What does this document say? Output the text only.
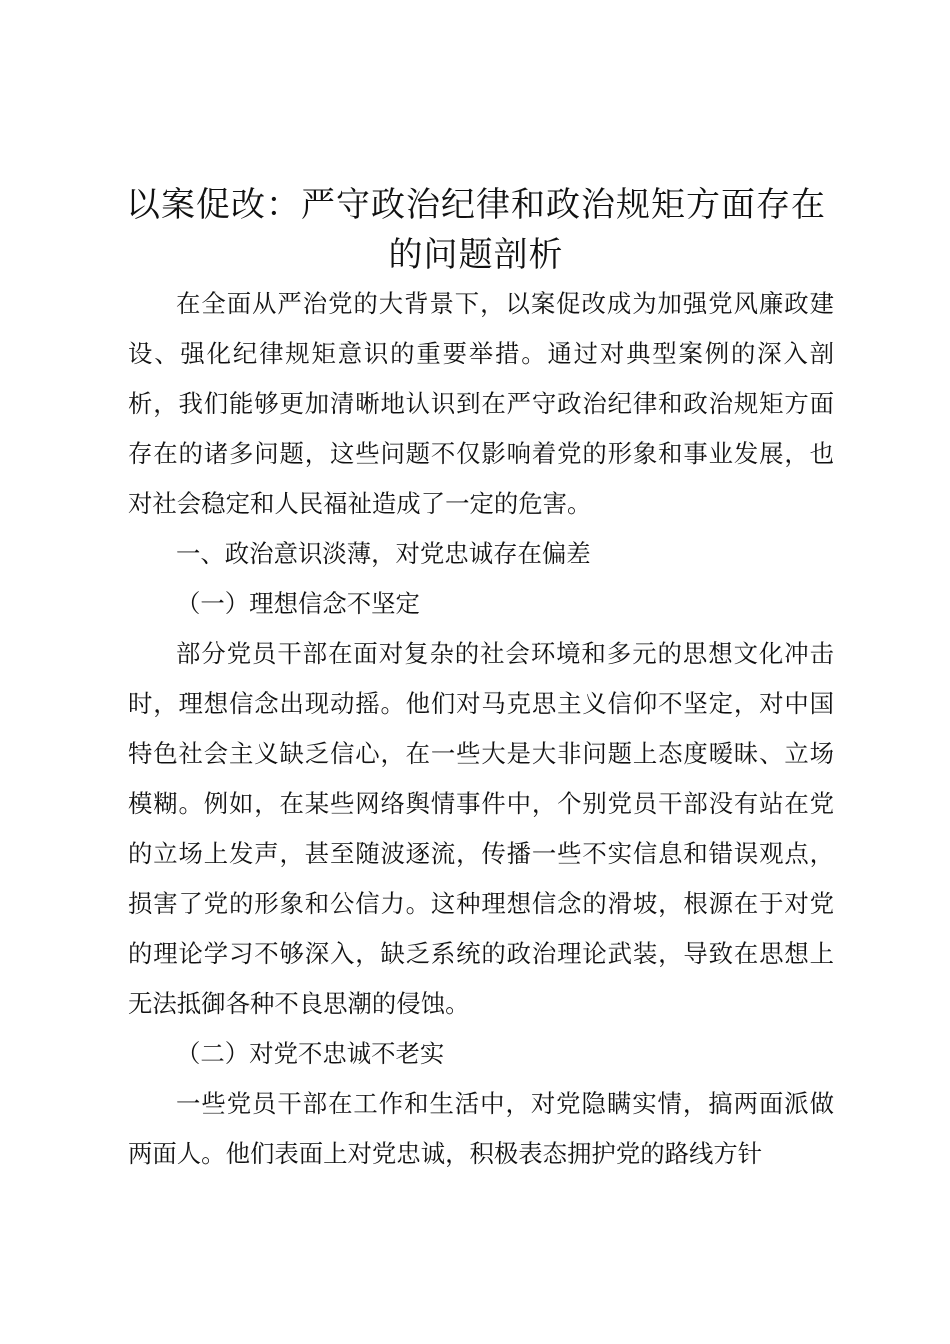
以案促改：严守政治纪律和政治规矩方面存在
的问题剖析

在全面从严治党的大背景下，以案促改成为加强党风廉政建设、强化纪律规矩意识的重要举措。通过对典型案例的深入剖析，我们能够更加清晰地认识到在严守政治纪律和政治规矩方面存在的诸多问题，这些问题不仅影响着党的形象和事业发展，也对社会稳定和人民福祉造成了一定的危害。

一、政治意识淡薄，对党忠诚存在偏差

（一）理想信念不坚定

部分党员干部在面对复杂的社会环境和多元的思想文化冲击时，理想信念出现动摇。他们对马克思主义信仰不坚定，对中国特色社会主义缺乏信心，在一些大是大非问题上态度暧昧、立场模糊。例如，在某些网络舆情事件中，个别党员干部没有站在党的立场上发声，甚至随波逐流，传播一些不实信息和错误观点，损害了党的形象和公信力。这种理想信念的滑坡，根源在于对党的理论学习不够深入，缺乏系统的政治理论武装，导致在思想上无法抵御各种不良思潮的侵蚀。

（二）对党不忠诚不老实

一些党员干部在工作和生活中，对党隐瞒实情，搞两面派做两面人。他们表面上对党忠诚，积极表态拥护党的路线方针
